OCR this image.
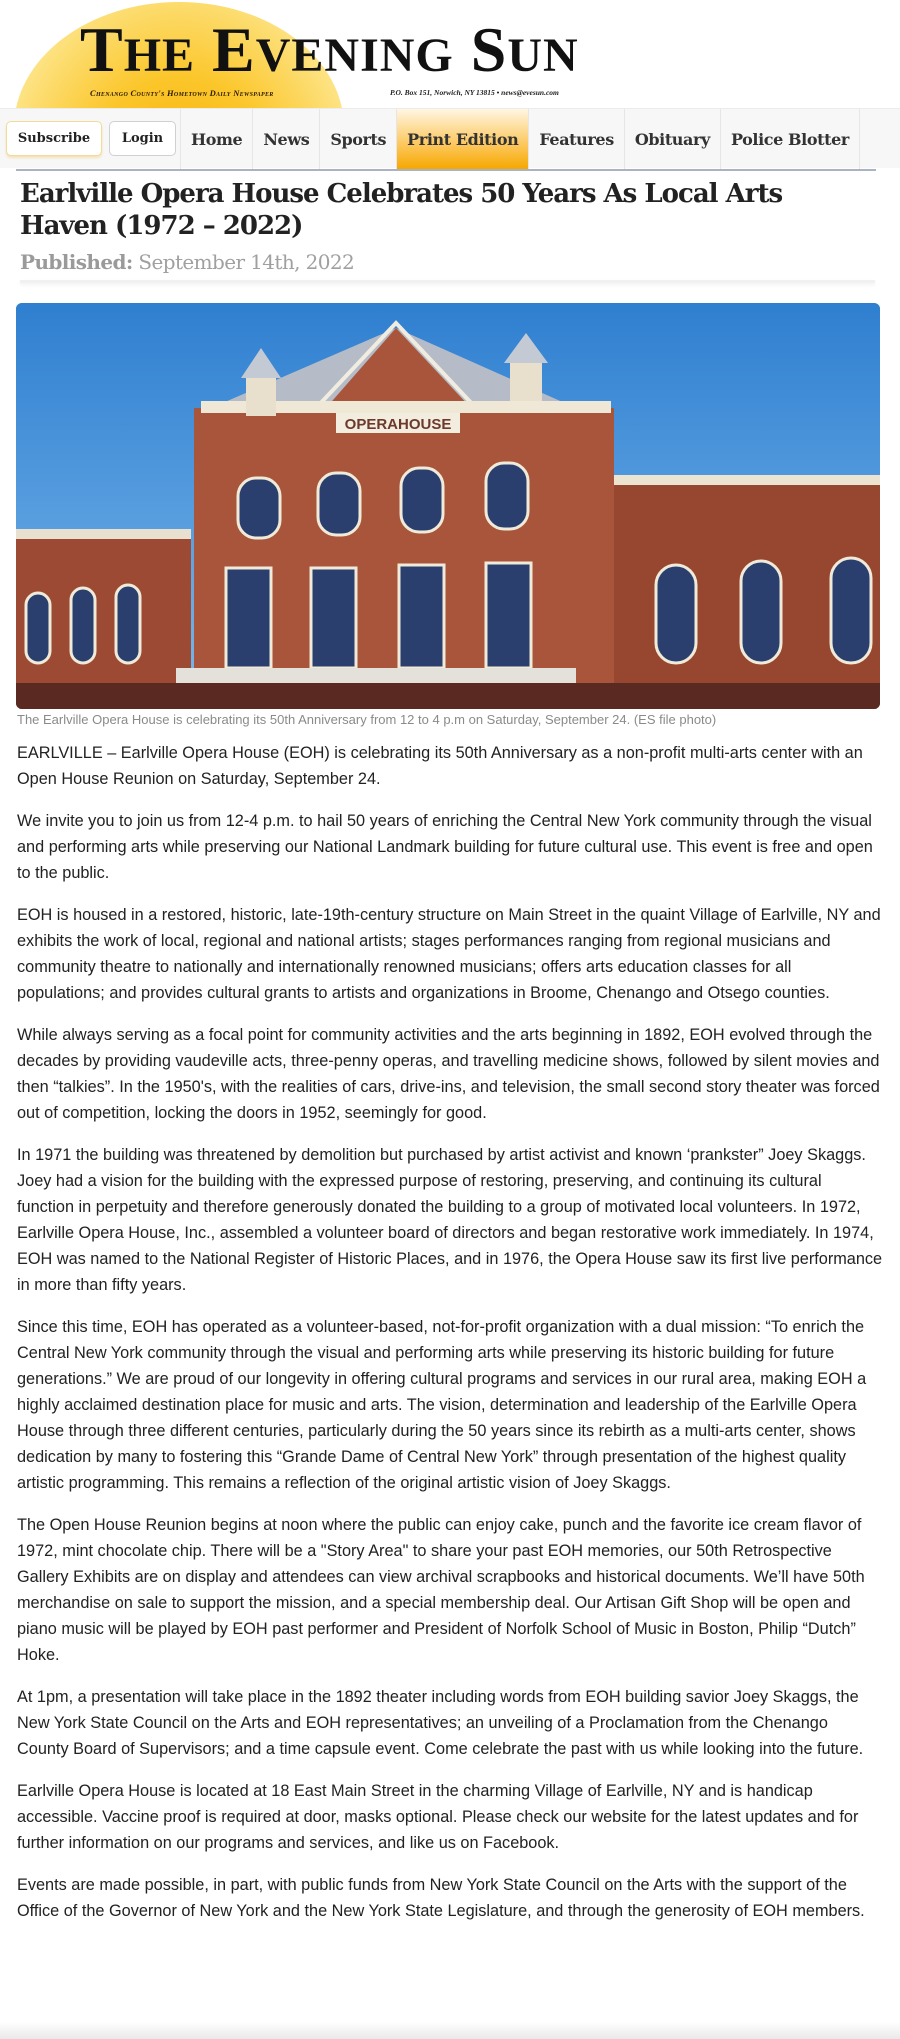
THE EVENING SUN
Chenango County's Hometown Daily Newspaper	P.O. Box 151, Norwich, NY 13815 • news@evesun.com
Subscribe	Login	Home	News	Sports	Print Edition	Features	Obituary	Police Blotter
Earlville Opera House Celebrates 50 Years As Local Arts Haven (1972 – 2022)
Published: September 14th, 2022
OPERAHOUSE
The Earlville Opera House is celebrating its 50th Anniversary from 12 to 4 p.m on Saturday, September 24. (ES file photo)

EARLVILLE – Earlville Opera House (EOH) is celebrating its 50th Anniversary as a non-profit multi-arts center with an Open House Reunion on Saturday, September 24.

We invite you to join us from 12-4 p.m. to hail 50 years of enriching the Central New York community through the visual and performing arts while preserving our National Landmark building for future cultural use. This event is free and open to the public.

EOH is housed in a restored, historic, late-19th-century structure on Main Street in the quaint Village of Earlville, NY and exhibits the work of local, regional and national artists; stages performances ranging from regional musicians and community theatre to nationally and internationally renowned musicians; offers arts education classes for all populations; and provides cultural grants to artists and organizations in Broome, Chenango and Otsego counties.

While always serving as a focal point for community activities and the arts beginning in 1892, EOH evolved through the decades by providing vaudeville acts, three-penny operas, and travelling medicine shows, followed by silent movies and then “talkies”. In the 1950's, with the realities of cars, drive-ins, and television, the small second story theater was forced out of competition, locking the doors in 1952, seemingly for good.

In 1971 the building was threatened by demolition but purchased by artist activist and known ‘prankster” Joey Skaggs. Joey had a vision for the building with the expressed purpose of restoring, preserving, and continuing its cultural function in perpetuity and therefore generously donated the building to a group of motivated local volunteers. In 1972, Earlville Opera House, Inc., assembled a volunteer board of directors and began restorative work immediately. In 1974, EOH was named to the National Register of Historic Places, and in 1976, the Opera House saw its first live performance in more than fifty years.

Since this time, EOH has operated as a volunteer-based, not-for-profit organization with a dual mission: “To enrich the Central New York community through the visual and performing arts while preserving its historic building for future generations.” We are proud of our longevity in offering cultural programs and services in our rural area, making EOH a highly acclaimed destination place for music and arts. The vision, determination and leadership of the Earlville Opera House through three different centuries, particularly during the 50 years since its rebirth as a multi-arts center, shows dedication by many to fostering this “Grande Dame of Central New York” through presentation of the highest quality artistic programming. This remains a reflection of the original artistic vision of Joey Skaggs.

The Open House Reunion begins at noon where the public can enjoy cake, punch and the favorite ice cream flavor of 1972, mint chocolate chip. There will be a "Story Area" to share your past EOH memories, our 50th Retrospective Gallery Exhibits are on display and attendees can view archival scrapbooks and historical documents. We’ll have 50th merchandise on sale to support the mission, and a special membership deal. Our Artisan Gift Shop will be open and piano music will be played by EOH past performer and President of Norfolk School of Music in Boston, Philip “Dutch” Hoke.

At 1pm, a presentation will take place in the 1892 theater including words from EOH building savior Joey Skaggs, the New York State Council on the Arts and EOH representatives; an unveiling of a Proclamation from the Chenango County Board of Supervisors; and a time capsule event. Come celebrate the past with us while looking into the future.

Earlville Opera House is located at 18 East Main Street in the charming Village of Earlville, NY and is handicap accessible. Vaccine proof is required at door, masks optional. Please check our website for the latest updates and for further information on our programs and services, and like us on Facebook.

Events are made possible, in part, with public funds from New York State Council on the Arts with the support of the Office of the Governor of New York and the New York State Legislature, and through the generosity of EOH members.
